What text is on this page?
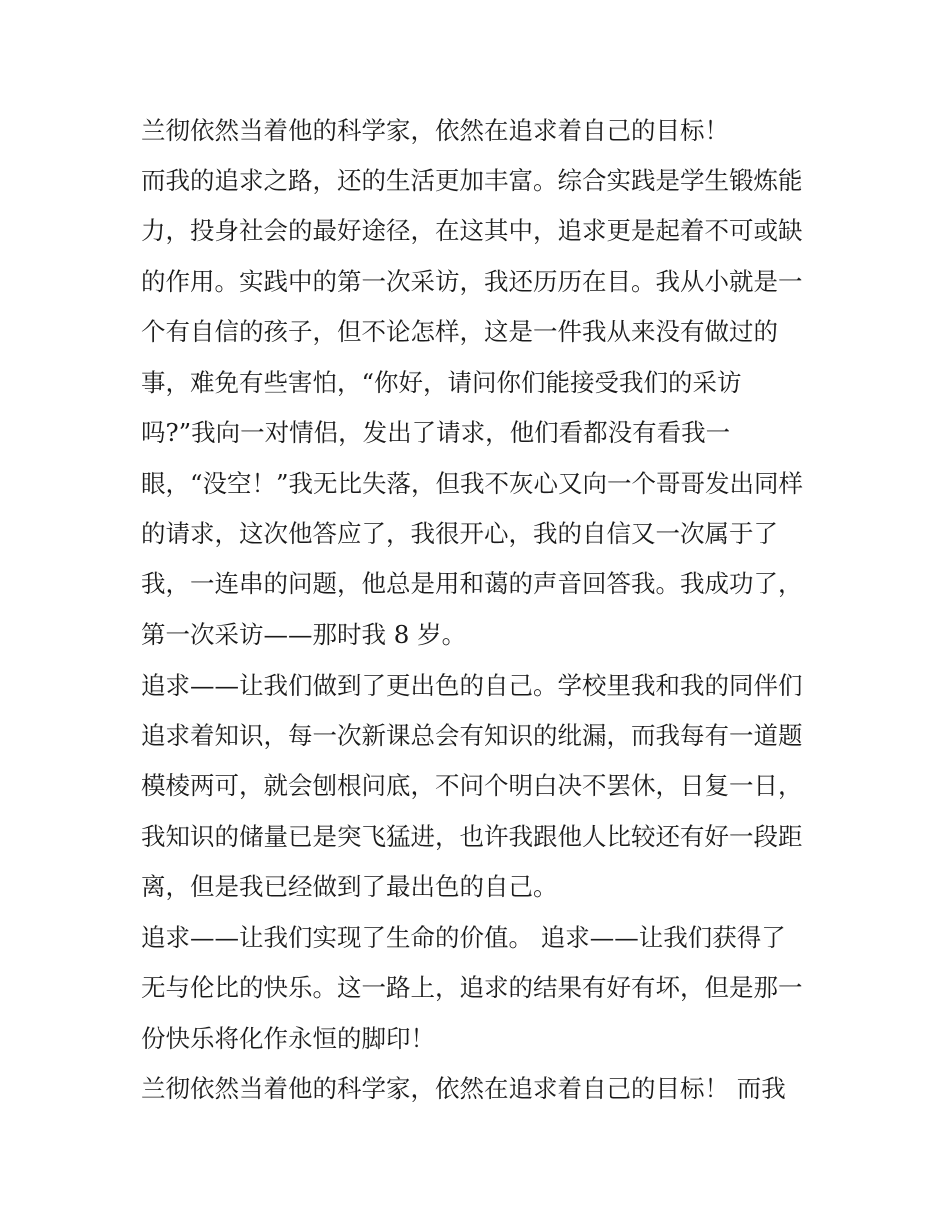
兰彻依然当着他的科学家，依然在追求着自己的目标！
而我的追求之路，还的生活更加丰富。综合实践是学生锻炼能
力，投身社会的最好途径，在这其中，追求更是起着不可或缺
的作用。实践中的第一次采访，我还历历在目。我从小就是一
个有自信的孩子，但不论怎样，这是一件我从来没有做过的
事，难免有些害怕，“你好，请问你们能接受我们的采访
吗?”我向一对情侣，发出了请求，他们看都没有看我一
眼，“没空！”我无比失落，但我不灰心又向一个哥哥发出同样
的请求，这次他答应了，我很开心，我的自信又一次属于了
我，一连串的问题，他总是用和蔼的声音回答我。我成功了，
第一次采访——那时我 8 岁。
追求——让我们做到了更出色的自己。学校里我和我的同伴们
追求着知识，每一次新课总会有知识的纰漏，而我每有一道题
模棱两可，就会刨根问底，不问个明白决不罢休，日复一日，
我知识的储量已是突飞猛进，也许我跟他人比较还有好一段距
离，但是我已经做到了最出色的自己。
追求——让我们实现了生命的价值。 追求——让我们获得了
无与伦比的快乐。这一路上，追求的结果有好有坏，但是那一
份快乐将化作永恒的脚印！
兰彻依然当着他的科学家，依然在追求着自己的目标！ 而我
